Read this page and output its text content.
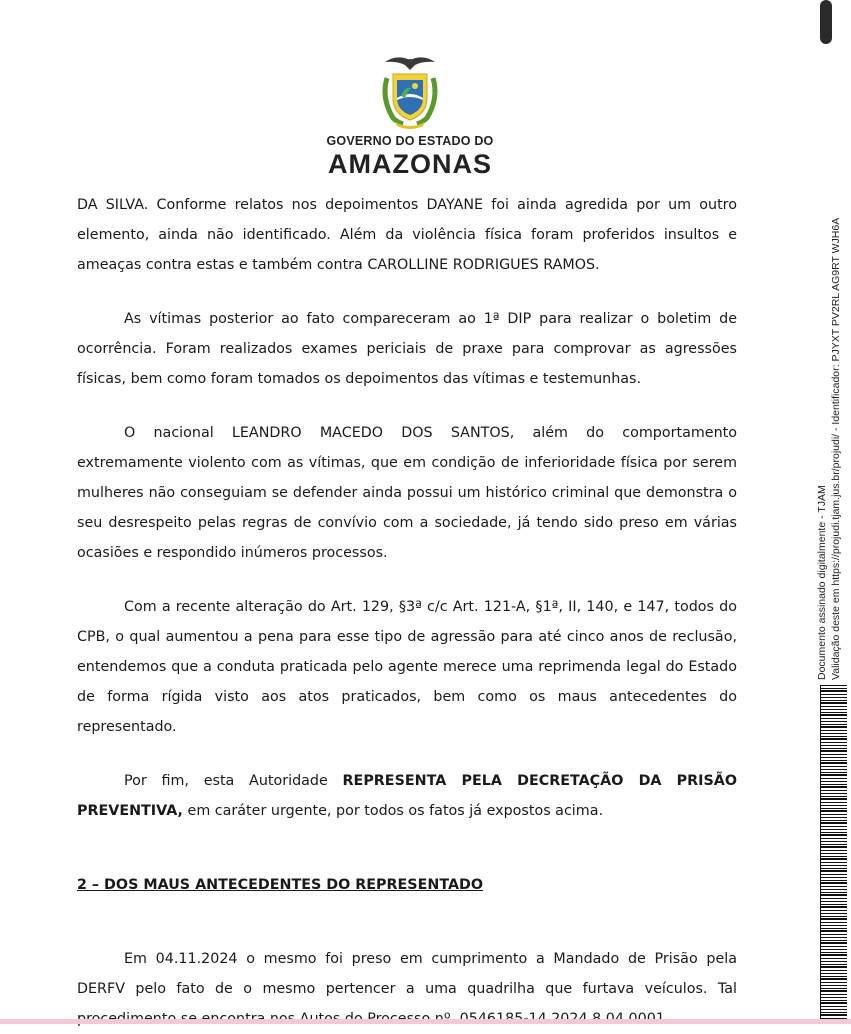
GOVERNO DO ESTADO DO
AMAZONAS

DA SILVA. Conforme relatos nos depoimentos DAYANE foi ainda agredida por um outro elemento, ainda não identificado. Além da violência física foram proferidos insultos e ameaças contra estas e também contra CAROLLINE RODRIGUES RAMOS.

As vítimas posterior ao fato compareceram ao 1ª DIP para realizar o boletim de ocorrência. Foram realizados exames periciais de praxe para comprovar as agressões físicas, bem como foram tomados os depoimentos das vítimas e testemunhas.

O nacional LEANDRO MACEDO DOS SANTOS, além do comportamento extremamente violento com as vítimas, que em condição de inferioridade física por serem mulheres não conseguiam se defender ainda possui um histórico criminal que demonstra o seu desrespeito pelas regras de convívio com a sociedade, já tendo sido preso em várias ocasiões e respondido inúmeros processos.

Com a recente alteração do Art. 129, §3ª c/c Art. 121-A, §1ª, II, 140, e 147, todos do CPB, o qual aumentou a pena para esse tipo de agressão para até cinco anos de reclusão, entendemos que a conduta praticada pelo agente merece uma reprimenda legal do Estado de forma rígida visto aos atos praticados, bem como os maus antecedentes do representado.

Por fim, esta Autoridade REPRESENTA PELA DECRETAÇÃO DA PRISÃO PREVENTIVA, em caráter urgente, por todos os fatos já expostos acima.

2 – DOS MAUS ANTECEDENTES DO REPRESENTADO

Em 04.11.2024 o mesmo foi preso em cumprimento a Mandado de Prisão pela DERFV pelo fato de o mesmo pertencer a uma quadrilha que furtava veículos. Tal

Documento assinado digitalmente - TJAM Validação deste em https://projudi.tjam.jus.br/projudi/ - Identificador: PJYXT PV2RL AG9RT WJH6A
